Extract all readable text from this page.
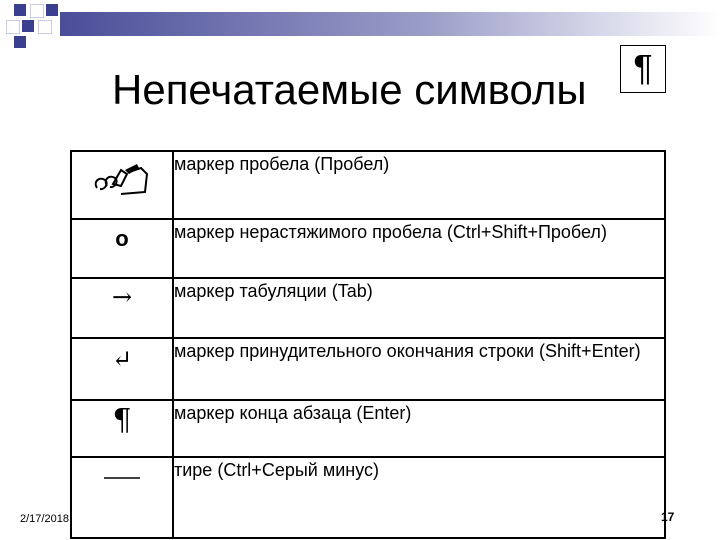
Непечатаемые символы	¶
	маркер пробела (Пробел)

o	маркер нерастяжимого пробела (Ctrl+Shift+Пробел)

→	маркер табуляции (Tab)

↵	маркер принудительного окончания строки (Shift+Enter)

¶	маркер конца абзаца (Enter)
	тире (Ctrl+Серый минус)
2/17/2018	17
